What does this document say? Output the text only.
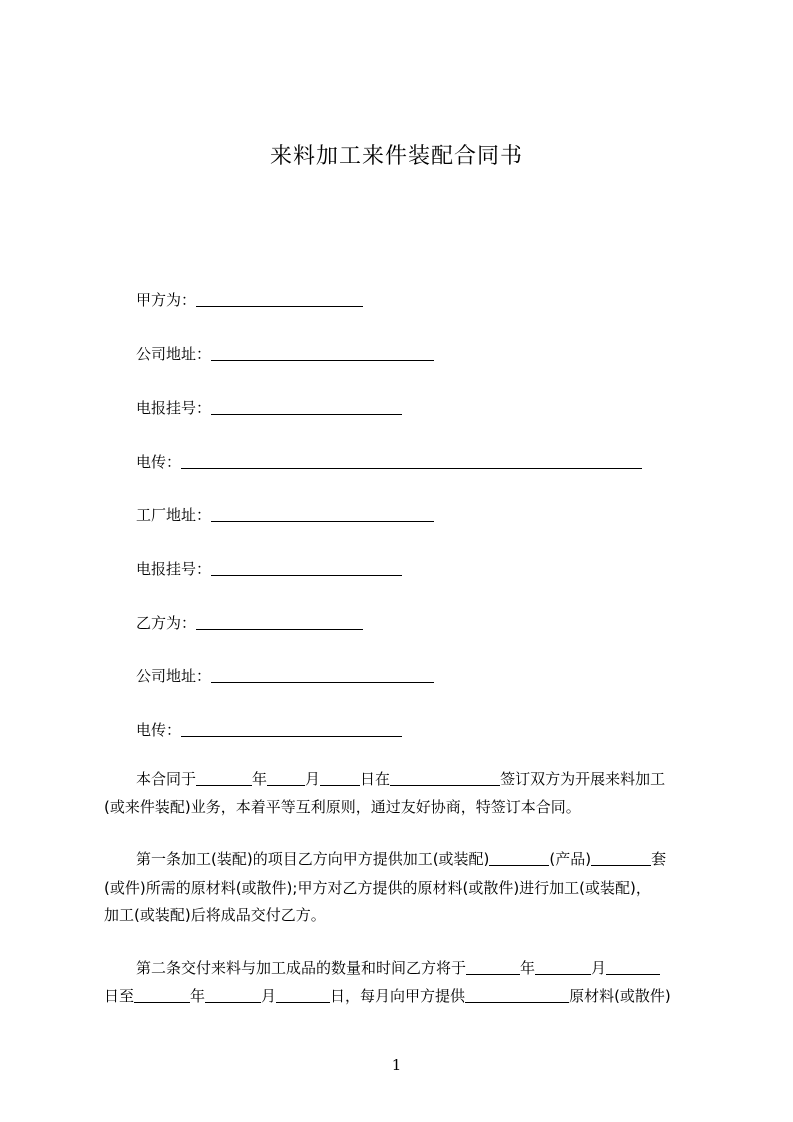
来料加工来件装配合同书
甲方为：
公司地址：
电报挂号：
电传：
工厂地址：
电报挂号：
乙方为：
公司地址：
电传：
本合同于	年	月	日在	签订双方为开展来料加工
(或来件装配)业务，本着平等互利原则，通过友好协商，特签订本合同。
第一条加工(装配)的项目乙方向甲方提供加工(或装配)	(产品)	套
(或件)所需的原材料(或散件);甲方对乙方提供的原材料(或散件)进行加工(或装配)，
加工(或装配)后将成品交付乙方。
第二条交付来料与加工成品的数量和时间乙方将于	年	月
日至	年	月	日，每月向甲方提供	原材料(或散件)
1
